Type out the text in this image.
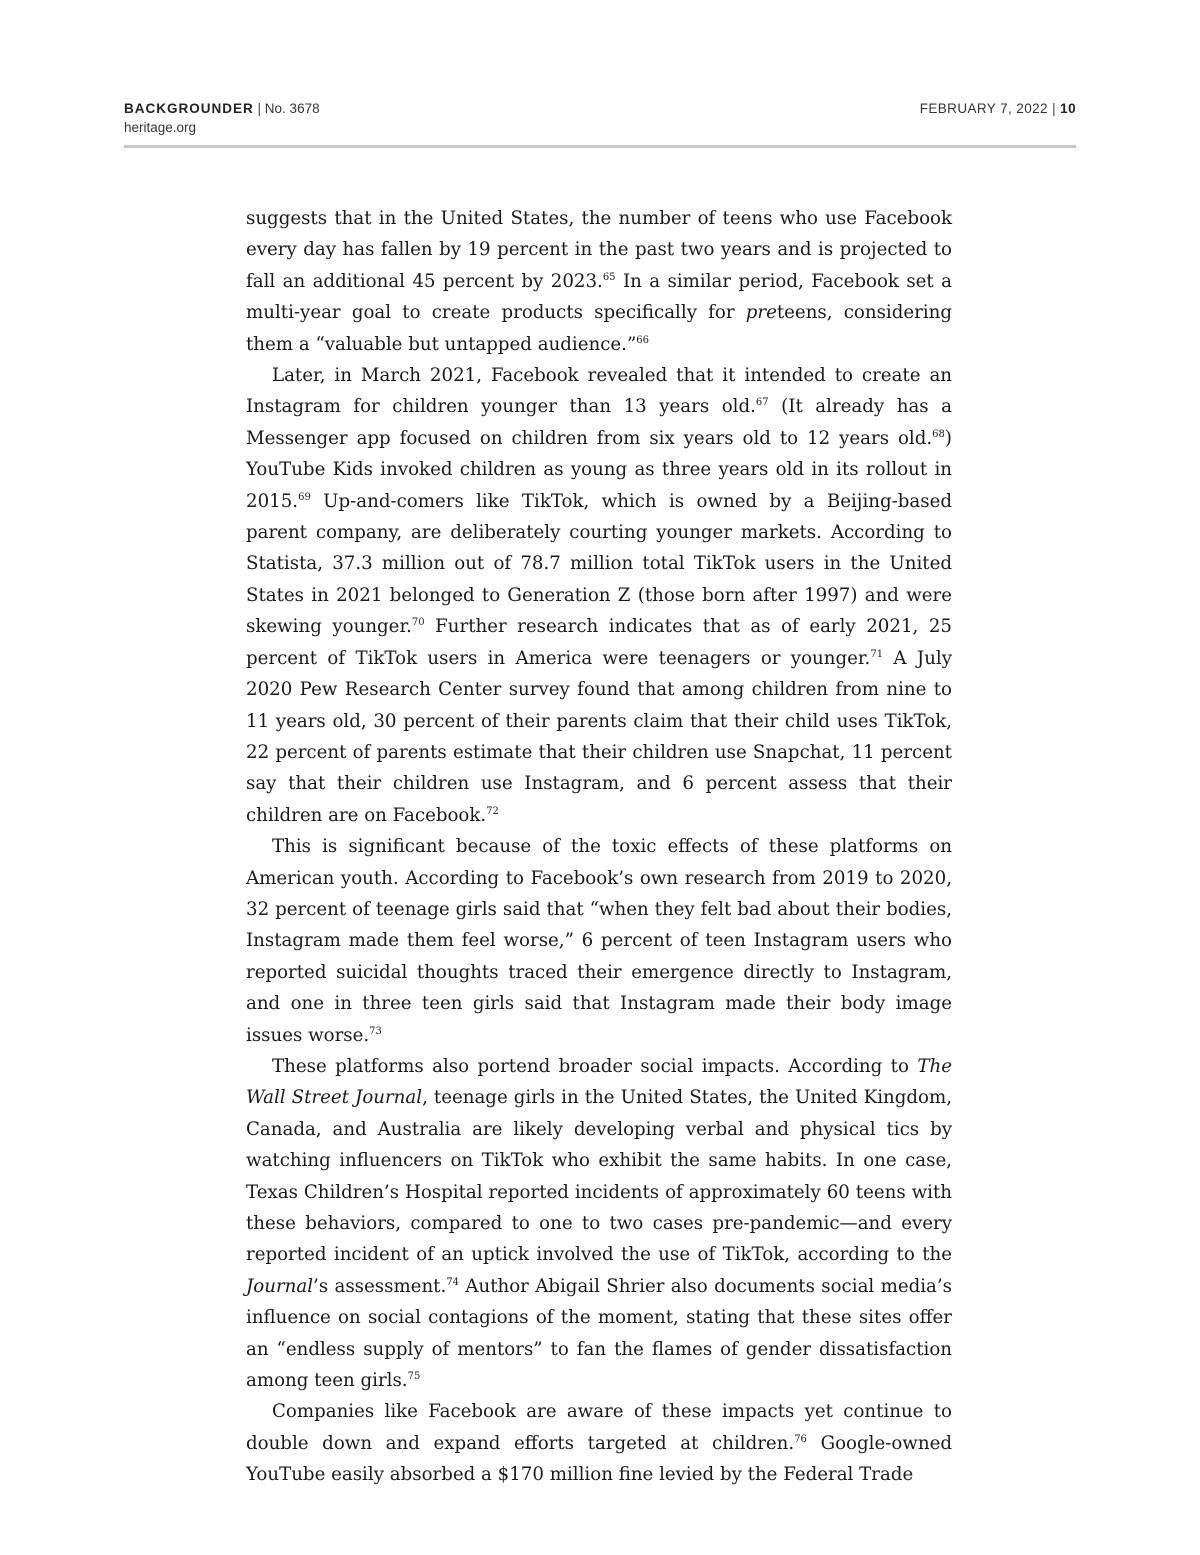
BACKGROUNDER | No. 3678
heritage.org
FEBRUARY 7, 2022 | 10

suggests that in the United States, the number of teens who use Facebook every day has fallen by 19 percent in the past two years and is projected to fall an additional 45 percent by 2023.65 In a similar period, Facebook set a multi-year goal to create products specifically for preteens, considering them a “valuable but untapped audience.”$^{66}$

Later, in March 2021, Facebook revealed that it intended to create an Instagram for children younger than 13 years old.$^{67}$ (It already has a Messenger app focused on children from six years old to 12 years old.$^{68}$) YouTube Kids invoked children as young as three years old in its rollout in 2015.69 Up-and-comers like TikTok, which is owned by a Beijing-based parent company, are deliberately courting younger markets. According to Statista, 37.3 million out of 78.7 million total TikTok users in the United States in 2021 belonged to Generation Z (those born after 1997) and were skewing younger.$^{70}$ Further research indicates that as of early 2021, 25 percent of TikTok users in America were teenagers or younger.$^{71}$ A July 2020 Pew Research Center survey found that among children from nine to 11 years old, 30 percent of their parents claim that their child uses TikTok, 22 percent of parents estimate that their children use Snapchat, 11 percent say that their children use Instagram, and 6 percent assess that their children are on Facebook.$^{72}$

This is significant because of the toxic effects of these platforms on American youth. According to Facebook’s own research from 2019 to 2020, 32 percent of teenage girls said that “when they felt bad about their bodies, Instagram made them feel worse,” 6 percent of teen Instagram users who reported suicidal thoughts traced their emergence directly to Instagram, and one in three teen girls said that Instagram made their body image issues worse.$^{73}$

These platforms also portend broader social impacts. According to The Wall Street Journal, teenage girls in the United States, the United Kingdom, Canada, and Australia are likely developing verbal and physical tics by watching influencers on TikTok who exhibit the same habits. In one case, Texas Children’s Hospital reported incidents of approximately 60 teens with these behaviors, compared to one to two cases pre-pandemic—and every reported incident of an uptick involved the use of TikTok, according to the Journal’s assessment.$^{74}$ Author Abigail Shrier also documents social media’s influence on social contagions of the moment, stating that these sites offer an “endless supply of mentors” to fan the flames of gender dissatisfaction among teen girls.$^{75}$

Companies like Facebook are aware of these impacts yet continue to double down and expand efforts targeted at children.$^{76}$ Google-owned YouTube easily absorbed a $170 million fine levied by the Federal Trade
